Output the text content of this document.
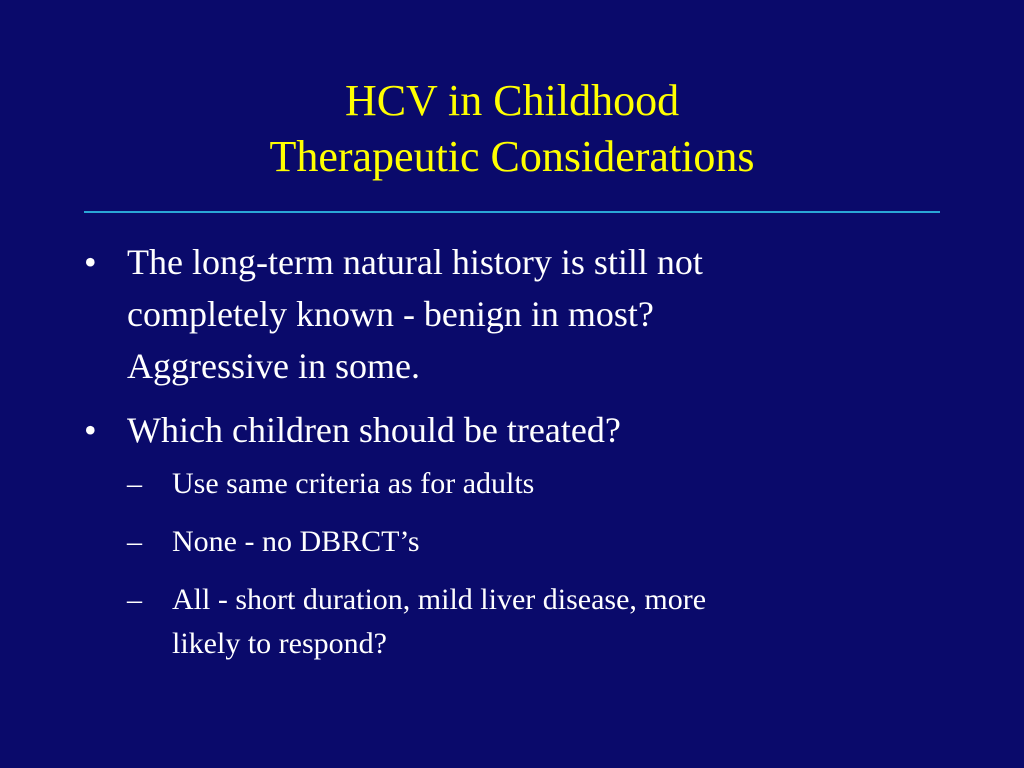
HCV in Childhood
Therapeutic Considerations
• The long-term natural history is still not
completely known - benign in most?
Aggressive in some.
• Which children should be treated?
– Use same criteria as for adults
– None - no DBRCT’s
– All - short duration, mild liver disease, more
likely to respond?
